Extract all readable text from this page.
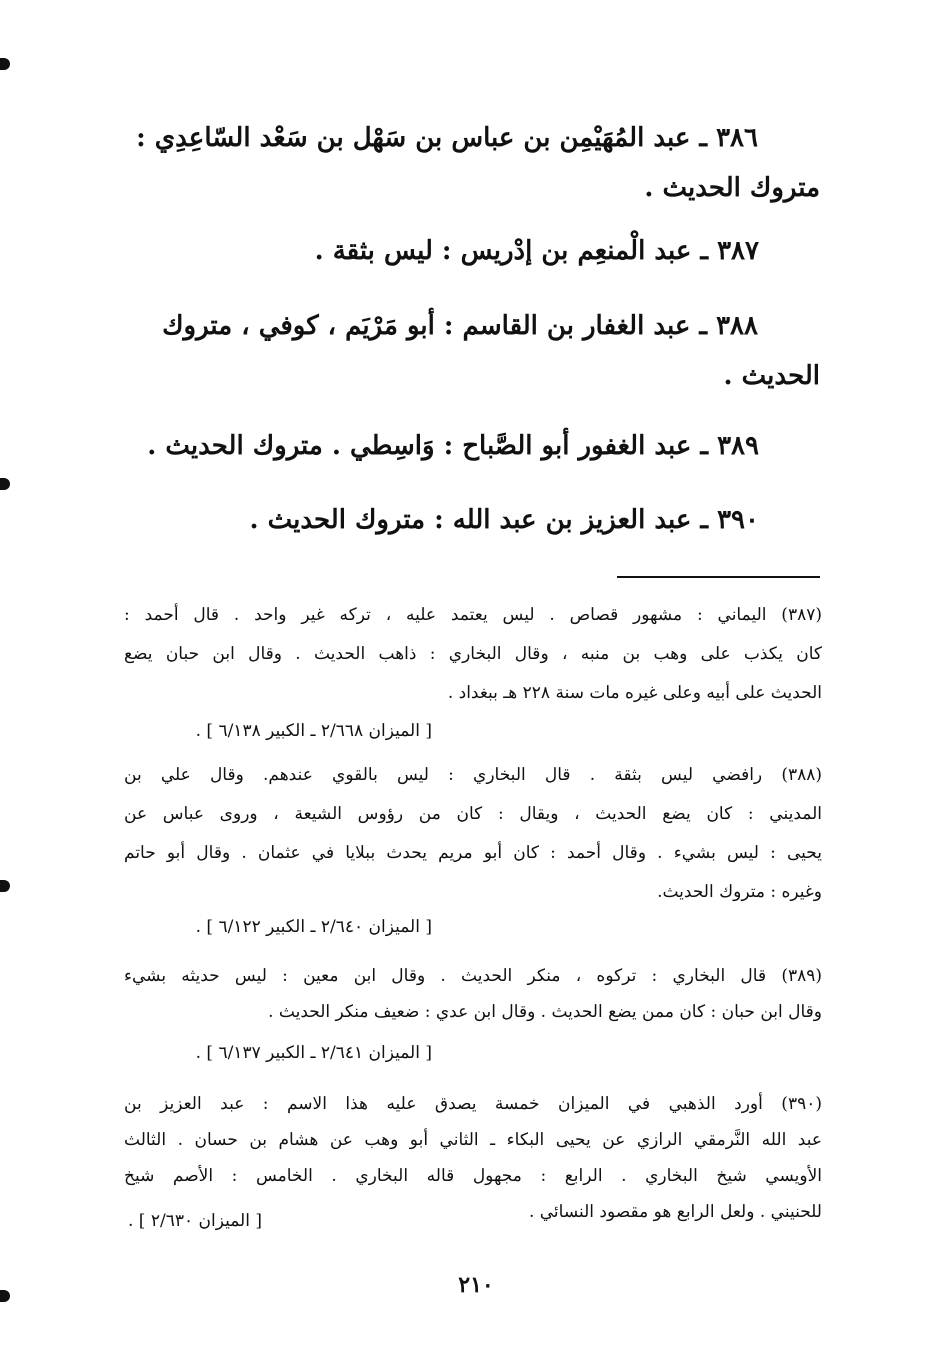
٣٨٦ ـ عبد المُهَيْمِن بن عباس بن سَهْل بن سَعْد السّاعِدِي :
متروك الحديث .
٣٨٧ ـ عبد الْمنعِم بن إدْريس : ليس بثقة .
٣٨٨ ـ عبد الغفار بن القاسم : أبو مَرْيَم ، كوفي ، متروك
الحديث .
٣٨٩ ـ عبد الغفور أبو الصَّباح : وَاسِطي . متروك الحديث .
٣٩٠ ـ عبد العزيز بن عبد الله : متروك الحديث .
(٣٨٧) اليماني : مشهور قصاص . ليس يعتمد عليه ، تركه غير واحد . قال أحمد :
كان يكذب على وهب بن منبه ، وقال البخاري : ذاهب الحديث . وقال ابن حبان يضع
الحديث على أبيه وعلى غيره مات سنة ٢٢٨ هـ ببغداد .
[ الميزان ٢/٦٦٨ ـ الكبير ٦/١٣٨ ] .
(٣٨٨) رافضي ليس بثقة . قال البخاري : ليس بالقوي عندهم. وقال علي بن
المديني : كان يضع الحديث ، ويقال : كان من رؤوس الشيعة ، وروى عباس عن
يحيى : ليس بشيء . وقال أحمد : كان أبو مريم يحدث ببلايا في عثمان . وقال أبو حاتم
وغيره : متروك الحديث.
[ الميزان ٢/٦٤٠ ـ الكبير ٦/١٢٢ ] .
(٣٨٩) قال البخاري : تركوه ، منكر الحديث . وقال ابن معين : ليس حديثه بشيء
وقال ابن حبان : كان ممن يضع الحديث . وقال ابن عدي : ضعيف منكر الحديث .
[ الميزان ٢/٦٤١ ـ الكبير ٦/١٣٧ ] .
(٣٩٠) أورد الذهبي في الميزان خمسة يصدق عليه هذا الاسم : عبد العزيز بن
عبد الله النَّرمقي الرازي عن يحيى البكاء ـ الثاني أبو وهب عن هشام بن حسان . الثالث
الأويسي شيخ البخاري . الرابع : مجهول قاله البخاري . الخامس : الأصم شيخ
للحنيني . ولعل الرابع هو مقصود النسائي .
[ الميزان ٢/٦٣٠ ] .
٢١٠
